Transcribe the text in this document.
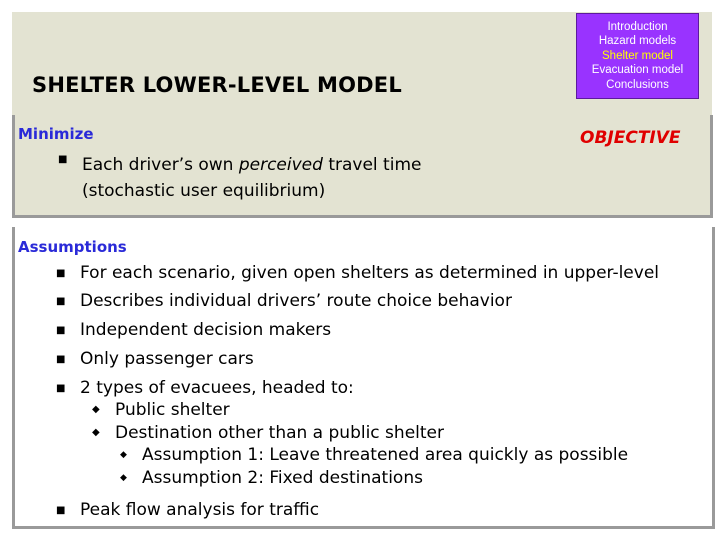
SHELTER LOWER-LEVEL MODEL
Introduction
Hazard models
Shelter model
Evacuation model
Conclusions
Minimize	OBJECTIVE
■ Each driver’s own perceived travel time
(stochastic user equilibrium)
Assumptions
■ For each scenario, given open shelters as determined in upper-level
■ Describes individual drivers’ route choice behavior
■ Independent decision makers
■ Only passenger cars
■ 2 types of evacuees, headed to:
◆ Public shelter
◆ Destination other than a public shelter
◆ Assumption 1: Leave threatened area quickly as possible
◆ Assumption 2: Fixed destinations
■ Peak flow analysis for traffic
